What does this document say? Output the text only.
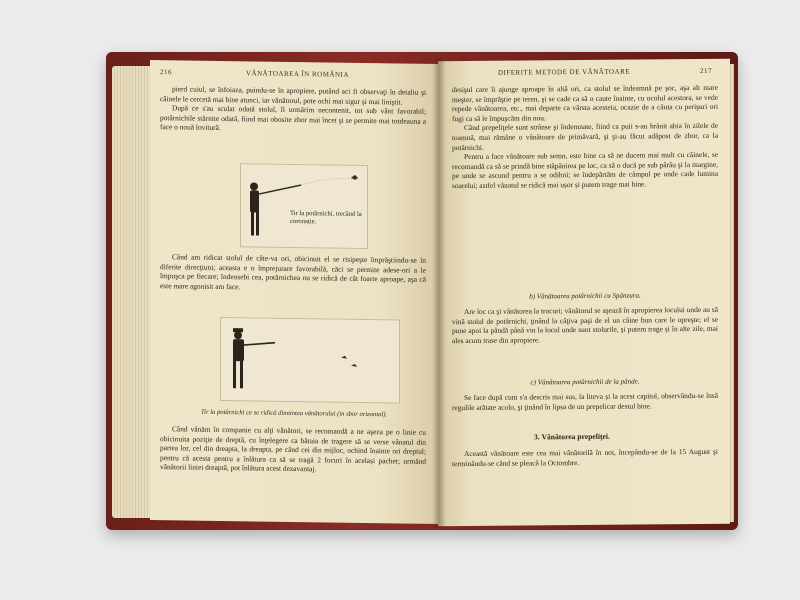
216	VÂNĂTOAREA ÎN ROMÂNIA

pierd cuiul, se înfoiaza, puindu-se în apropiere, putând aci fi observaţi în detaliu şi câinele le cercetă mai bine atunci, iar vânătorul, pote ochi mai sigur şi mai liniştit.

După ce s'au sculat odată stolul, îl urmărim necontenit, tot sub vânt favorabil; potârnichile stârnite odată, fiind mai obosite zbor mai încet şi se permite mai totdeauna a face o nouă lovitură.

Tir la potârnichi, trecând la coronație.

Când am ridicat stolul de câte-va ori, obicinuit el se risipeşte împrăştiindu-se în diferite direcţiuni; aceasta e o împrejurare favorabilă, căci se permite adese-ori a le împuşca pe fiecare; îndeosebi cea, potârnichea nu se ridică de cât foarte aproape, aşa că este mare agonisit am face.

Tir la potârnichi ce se ridică dinaintea vânătorului (in sbor orizontal).

Când vânăm în companie cu alţi vânători, se recomandă a ne aşeza pe o linie cu obicinuita poziţie de dreptă, cu înţelegere ca bătaia de tragere să se verse vânatul din partea lor, cel din dreapta, la dreapta, pe când cei din mijloc, ochind înainte ori dreptul; pentru că acesta pentru a înlătura ca să se tragă 2 focuri în același pachet; urmând vânătorii liniei dreaptă, pot înlătura acest dezavantaj.

DIFERITE METODE DE VÂNĂTOARE	217

desişul care îi ajunge aproape în altă ori, ca stolul se îndeamnă pe şoc, aşa alt mare meşter, se împrăştie pe teren, şi se cade ca să o caute înainte, cu ocolul acestora, se vede repede vânătoarea, etc., mai departe ca vârsta acesteia, ocazie de a căuta cu perişuri ori fugi ca să le împuşcăm din nou.

Când prepeliţele sunt strânse şi îndemnate, fiind ca puii s-au hrănit abia în zilele de toamnă, mai rămâne o vânătoare de primăvară, şi şi-au făcut adăpost de zbor, ca la potârnichi.

Pentru a face vânătoare sub semn, este bine ca să ne ducem mai mult cu câinele, se recomandă ca să se prindă bine stăpânirea pe loc, ca să o ducă pe sub pârâu şi la margine, pe unde se ascund pentru a se odihni; se îndepărtăm de câmpul pe unde cade lumina soarelui; astfel vânatul se ridică mai ușor și putem trage mai bine.

b) Vânătoarea potârnichii cu Spânzura.

Are loc ca şi vânătorea la trocuri; vânătorul se aşează în apropierea locului unde au să vină stolul de potârnichi, ţinând la câţiva paşi de el un câine bun care le opreşte; el se pune apoi la pândă până vin la locul unde sunt stolurile, şi putem trage și în alte zile, mai ales acum trase din apropiere.

c) Vânătoarea potârnichii de la pânde.

Se face după cum s'a descris mai sus, la liteva și la acest capitol, observându-se însă regulile arătate acolo, şi ţinând în lipsa de un prepelicar destul bine.

3. Vânătorea prepeliţei.

Această vânătoare este cea mai vânătorilă în noi, începându-se de la 15 August şi terminându-se când se pleacă la Octombre.
